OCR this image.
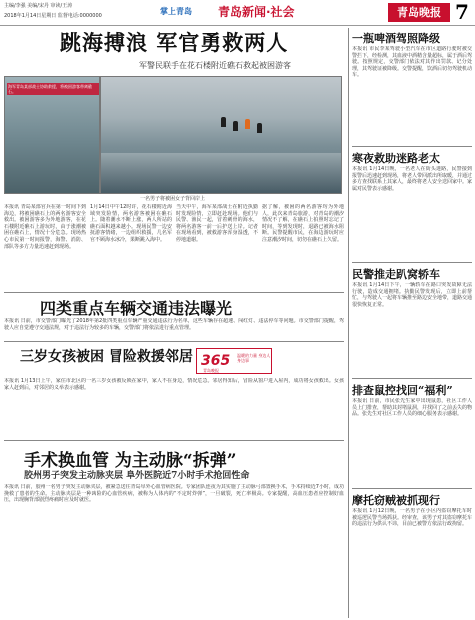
主编/李强 美编/宋丹 审读/王涛
2018年1月14日星期日 监督电话:0000000	掌上青岛 青岛新闻·社会	青岛晚报 7
跳海搏浪 军官勇救两人
军警民联手在花石楼附近礁石救起被困游客
海军青岛某部战士协助救援，将被困游客带离礁石。
一名男子将被困女子背回岸上
本报讯 青岛某部官兵在第一时间下到海边，将被困礁石上的两名游客安全救出。被困游客多为外地游客，在花石楼附近礁石上游玩时，由于涨潮被困在礁石上，情况十分危急。现场热心市民第一时间报警，海警、消防、部队等多方力量迅速赶到现场。
1月14日中午12时许，花石楼附近海域突发险情，两名游客被困在礁石上。随着潮水不断上涨，两人所站的礁石面积越来越小。现场民警一边安抚游客情绪，一边组织救援，几名军官不顾海水冰冷，果断跳入海中。
当天中午，海军某部战士在附近执勤时发现险情，立即赶赴现场。他们与民警、渔民一起，冒着刺骨的海水，将两名游客一前一后护送上岸。记者在现场看到，被救游客浑身湿透，不停地道谢。
据了解，被困的两名游客均为外地人，此次来青岛旅游，对青岛的潮汐情况不了解，在礁石上拍照时忘记了时间，等到发现时，退路已被海水阻断。民警提醒市民，在海边游玩时应注意潮汐时间，切勿在礁石上久留。
四类重点车辆交通违法曝光
本报讯 日前，市交警部门曝光了2018年第2批四类重点车辆严重交通违法行为名单，这些车辆存在超速、闯红灯、违法停车等问题。市交警部门提醒，驾驶人应自觉遵守交通法规，对于违法行为较多的车辆，交警部门将依法进行重点管理。
三岁女孩被困 冒险救援邻居 365 温暖的力量 身边人身边事
青岛晚报
本报讯 1月13日上午，家住市北区的一名三岁女孩被反锁在家中，家人不在身边，情况危急。邻居得知后，冒险从窗户进入屋内，成功将女孩救出。女孩家人赶到后，对邻居的义举表示感谢。
手术换血管 为主动脉“拆弹”
胶州男子突发主动脉夹层 阜外医院近7小时手术抢回性命
本报讯 日前，胶州一名男子突发主动脉夹层，被紧急送往青岛阜外心血管病医院。专家团队连夜为其实施了主动脉弓部置换手术，手术持续近7小时，成功挽救了患者的生命。主动脉夹层是一种凶险的心血管疾病，被称为人体内的“不定时炸弹”，一旦破裂，死亡率极高。专家提醒，高血压患者应控制好血压，出现胸背部剧烈疼痛时应及时就医。
一瓶啤酒驾照降级
本报讯 市民李某驾驶小型汽车在市区道路行驶时被交警拦下，经检测，其血液中酒精含量超标，属于酒后驾驶。按照规定，交警部门依法对其作出罚款、记分处理，其驾驶证被降级。交警提醒，饮酒后切勿驾驶机动车。
寒夜救助迷路老太
本报讯 1月14日晚，一名老人在街头迷路，民警接到报警后迅速赶到现场，将老人带回派出所取暖，并通过多方查找联系上其家人，最终将老人安全送回家中。家属对民警表示感谢。
民警推走趴窝轿车
本报讯 1月14日下午，一辆轿车在路口突发故障无法行驶，造成交通拥堵。执勤民警发现后，立即上前帮忙，与驾驶人一起将车辆推至路边安全地带，道路交通很快恢复正常。
排查鼠控找回“福利”
本报讯 日前，市民张先生家中出现鼠患，社区工作人员上门排查，帮助其封堵鼠洞，并找回了之前丢失的物品。张先生对社区工作人员的细心服务表示感谢。
摩托窃贼被抓现行
本报讯 1月12日晚，一名男子在小区内盗窃摩托车时被巡逻民警当场抓获。经审查，该男子对其盗窃摩托车的违法行为供认不讳，目前已被警方依法行政拘留。
